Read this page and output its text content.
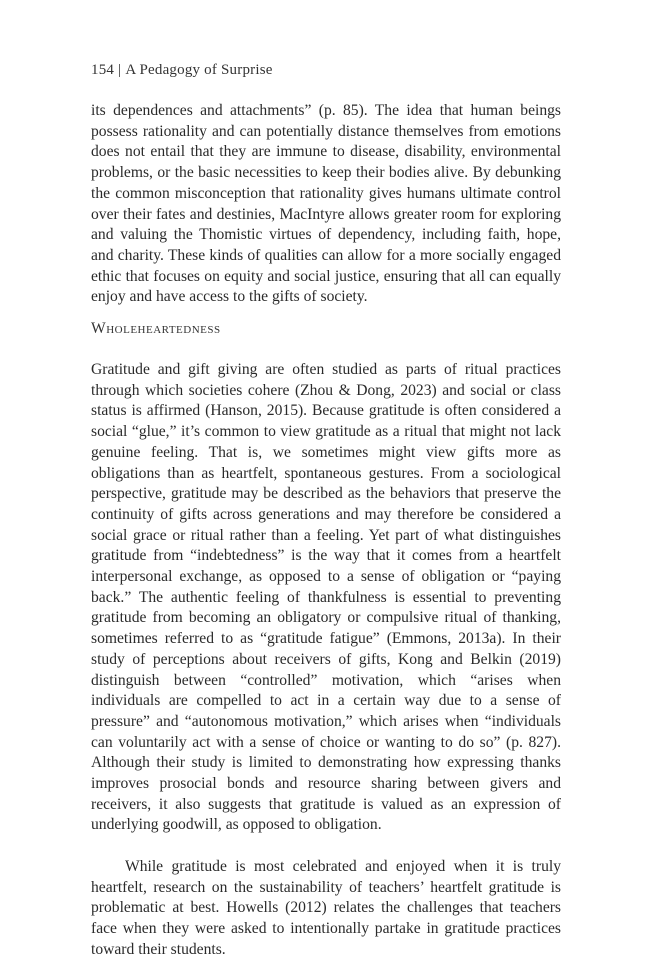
154 | A Pedagogy of Surprise

its dependences and attachments” (p. 85). The idea that human beings possess rationality and can potentially distance themselves from emotions does not entail that they are immune to disease, disability, environmental problems, or the basic necessities to keep their bodies alive. By debunking the common misconception that rationality gives humans ultimate control over their fates and destinies, MacIntyre allows greater room for exploring and valuing the Thomistic virtues of dependency, including faith, hope, and charity. These kinds of qualities can allow for a more socially engaged ethic that focuses on equity and social justice, ensuring that all can equally enjoy and have access to the gifts of society.

Wholeheartedness

Gratitude and gift giving are often studied as parts of ritual practices through which societies cohere (Zhou & Dong, 2023) and social or class status is affirmed (Hanson, 2015). Because gratitude is often considered a social “glue,” it’s common to view gratitude as a ritual that might not lack genuine feeling. That is, we sometimes might view gifts more as obligations than as heartfelt, spontaneous gestures. From a sociological perspective, gratitude may be described as the behaviors that preserve the continuity of gifts across generations and may therefore be considered a social grace or ritual rather than a feeling. Yet part of what distinguishes gratitude from “indebtedness” is the way that it comes from a heartfelt interpersonal exchange, as opposed to a sense of obligation or “paying back.” The authentic feeling of thankfulness is essential to preventing gratitude from becoming an obligatory or compulsive ritual of thanking, sometimes referred to as “gratitude fatigue” (Emmons, 2013a). In their study of perceptions about receivers of gifts, Kong and Belkin (2019) distinguish between “controlled” motivation, which “arises when individuals are compelled to act in a certain way due to a sense of pressure” and “autonomous motivation,” which arises when “individuals can voluntarily act with a sense of choice or wanting to do so” (p. 827). Although their study is limited to demonstrating how expressing thanks improves prosocial bonds and resource sharing between givers and receivers, it also suggests that gratitude is valued as an expression of underlying goodwill, as opposed to obligation.

While gratitude is most celebrated and enjoyed when it is truly heartfelt, research on the sustainability of teachers’ heartfelt gratitude is problematic at best. Howells (2012) relates the challenges that teachers face when they were asked to intentionally partake in gratitude practices toward their students.
